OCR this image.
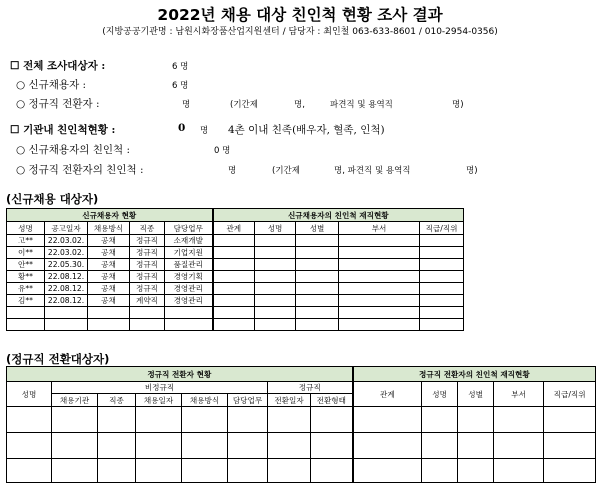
2022년 채용 대상 친인척 현황 조사 결과
(지방공공기관명 : 남원시화장품산업지원센터 / 담당자 : 최인철 063-633-8601 / 010-2954-0356)
☐ 전체 조사대상자 :	6 명
○ 신규채용자 :	6 명
○ 정규직 전환자 :	명	(기간제	명,	파견직 및 용역직	명)
☐ 기관내 친인척현황 :	0 명 4촌 이내 친족(배우자, 혈족, 인척)
○ 신규채용자의 친인척 :	0 명
○ 정규직 전환자의 친인척 :	명	(기간제	명, 파견직 및 용역직	명)
(신규채용 대상자)
신규채용자 현황					신규채용자의 친인척 재직현황				
성명	공고일자	채용방식	직종	담당업무	관계	성명	성별	부서	직급/직위
고**	22.03.02.	공채	정규직	소재개발					
이**	22.03.02.	공채	정규직	기업지원					
안**	22.05.30.	공채	정규직	품질관리					
황**	22.08.12.	공채	정규직	경영기획					
유**	22.08.12.	공채	정규직	경영관리					
김**	22.08.12.	공채	계약직	경영관리					

(정규직 전환대상자)
정규직 전환자 현황								정규직 전환자의 친인척 재직현황				
성명	비정규직					정규직		관계	성명	성별	부서	직급/직위
	채용기관	직종	채용일자	채용방식	담당업무	전환일자	전환형태					
